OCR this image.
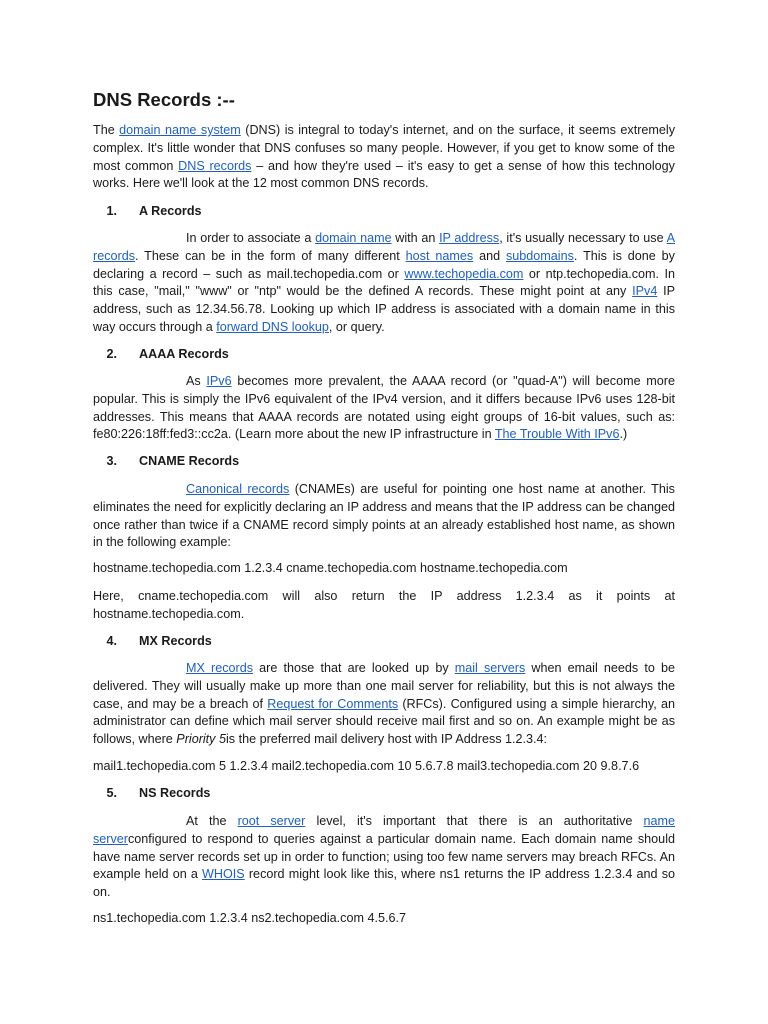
DNS Records :--

The domain name system (DNS) is integral to today's internet, and on the surface, it seems extremely complex. It's little wonder that DNS confuses so many people. However, if you get to know some of the most common DNS records – and how they're used – it's easy to get a sense of how this technology works. Here we'll look at the 12 most common DNS records.

1. A Records

In order to associate a domain name with an IP address, it's usually necessary to use A records. These can be in the form of many different host names and subdomains. This is done by declaring a record – such as mail.techopedia.com or www.techopedia.com or ntp.techopedia.com. In this case, "mail," "www" or "ntp" would be the defined A records. These might point at any IPv4 IP address, such as 12.34.56.78. Looking up which IP address is associated with a domain name in this way occurs through a forward DNS lookup, or query.

2. AAAA Records

As IPv6 becomes more prevalent, the AAAA record (or "quad-A") will become more popular. This is simply the IPv6 equivalent of the IPv4 version, and it differs because IPv6 uses 128-bit addresses. This means that AAAA records are notated using eight groups of 16-bit values, such as: fe80:226:18ff:fed3::cc2a. (Learn more about the new IP infrastructure in The Trouble With IPv6.)

3. CNAME Records

Canonical records (CNAMEs) are useful for pointing one host name at another. This eliminates the need for explicitly declaring an IP address and means that the IP address can be changed once rather than twice if a CNAME record simply points at an already established host name, as shown in the following example:

hostname.techopedia.com 1.2.3.4 cname.techopedia.com hostname.techopedia.com

Here, cname.techopedia.com will also return the IP address 1.2.3.4 as it points at hostname.techopedia.com.

4. MX Records

MX records are those that are looked up by mail servers when email needs to be delivered. They will usually make up more than one mail server for reliability, but this is not always the case, and may be a breach of Request for Comments (RFCs). Configured using a simple hierarchy, an administrator can define which mail server should receive mail first and so on. An example might be as follows, where Priority 5is the preferred mail delivery host with IP Address 1.2.3.4:

mail1.techopedia.com 5 1.2.3.4 mail2.techopedia.com 10 5.6.7.8 mail3.techopedia.com 20 9.8.7.6
5. NS Records

At the root server level, it's important that there is an authoritative name serverconfigured to respond to queries against a particular domain name. Each domain name should have name server records set up in order to function; using too few name servers may breach RFCs. An example held on a WHOIS record might look like this, where ns1 returns the IP address 1.2.3.4 and so on.

ns1.techopedia.com 1.2.3.4 ns2.techopedia.com 4.5.6.7
